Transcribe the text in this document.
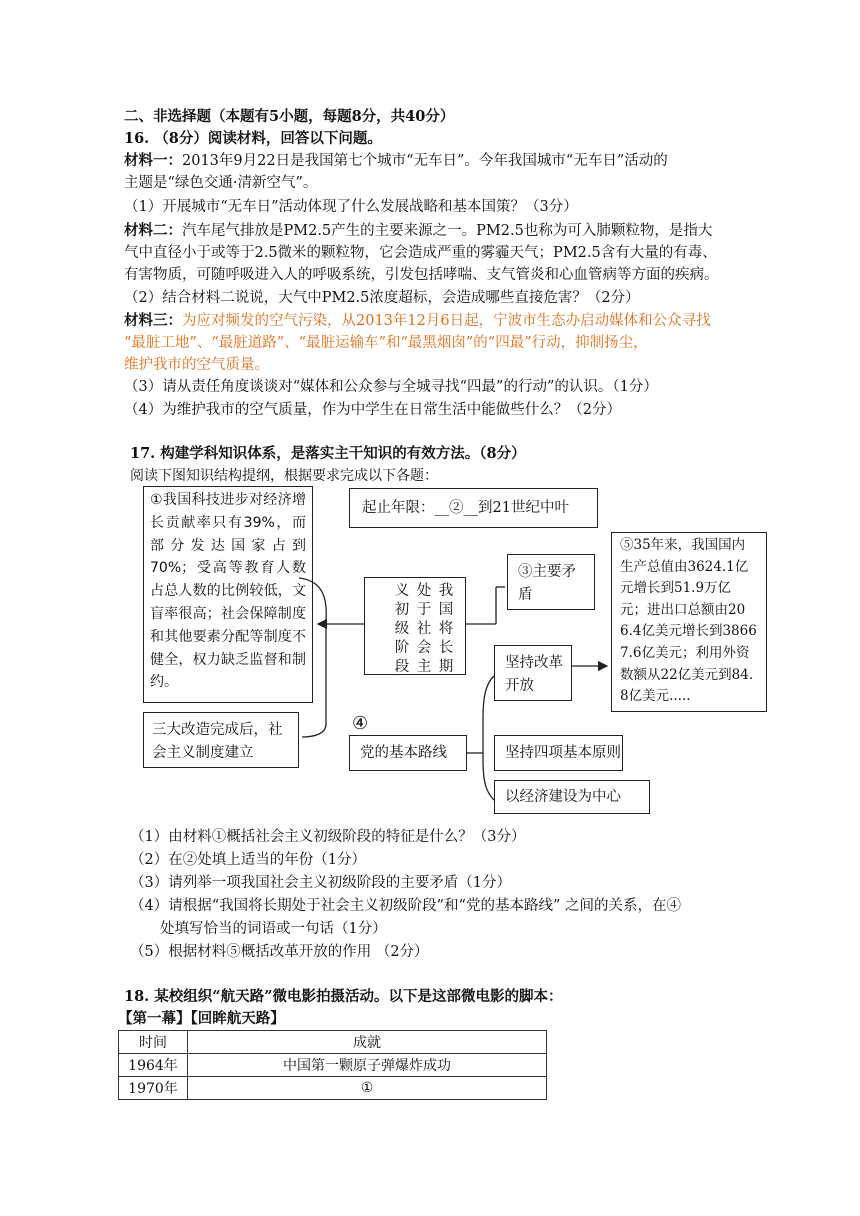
二、非选择题（本题有5小题，每题8分，共40分）
16. （8分）阅读材料，回答以下问题。
材料一：2013年9月22日是我国第七个城市“无车日”。今年我国城市“无车日”活动的
主题是“绿色交通·清新空气”。
（1）开展城市“无车日”活动体现了什么发展战略和基本国策？（3分）
材料二：汽车尾气排放是PM2.5产生的主要来源之一。PM2.5也称为可入肺颗粒物，是指大
气中直径小于或等于2.5微米的颗粒物，它会造成严重的雾霾天气；PM2.5含有大量的有毒、
有害物质，可随呼吸进入人的呼吸系统，引发包括哮喘、支气管炎和心血管病等方面的疾病。
（2）结合材料二说说，大气中PM2.5浓度超标，会造成哪些直接危害？（2分）
材料三：为应对频发的空气污染，从2013年12月6日起，宁波市生态办启动媒体和公众寻找
“最脏工地”、“最脏道路”、“最脏运输车”和“最黑烟囱”的“四最”行动，抑制扬尘，
维护我市的空气质量。
（3）请从责任角度谈谈对“媒体和公众参与全城寻找“四最”的行动”的认识。（1分）
（4）为维护我市的空气质量，作为中学生在日常生活中能做些什么？（2分）
17. 构建学科知识体系，是落实主干知识的有效方法。（8分）
阅读下图知识结构提纲，根据要求完成以下各题：
①我国科技进步对经济增长贡献率只有39%，而部分发达国家占到70%；受高等教育人数占总人数的比例较低，文盲率很高；社会保障制度和其他要素分配等制度不健全，权力缺乏监督和制约。
起止年限：__②__到21世纪中叶
我国将长期
处于社会主
义初级阶段
③主要矛盾
⑤35年来，我国国内生产总值由3624.1亿元增长到51.9万亿元；进出口总额由206.4亿美元增长到38667.6亿美元；利用外资数额从22亿美元到84.8亿美元.....
坚持改革开放
三大改造完成后，社会主义制度建立
④
党的基本路线	坚持四项基本原则
以经济建设为中心
（1）由材料①概括社会主义初级阶段的特征是什么？（3分）
（2）在②处填上适当的年份（1分）
（3）请列举一项我国社会主义初级阶段的主要矛盾（1分）
（4）请根据“我国将长期处于社会主义初级阶段”和“党的基本路线” 之间的关系，在④
处填写恰当的词语或一句话（1分）
（5）根据材料⑤概括改革开放的作用 （2分）
18. 某校组织“航天路”微电影拍摄活动。以下是这部微电影的脚本：
【第一幕】【回眸航天路】
时间	成就
1964年	中国第一颗原子弹爆炸成功
1970年	①
